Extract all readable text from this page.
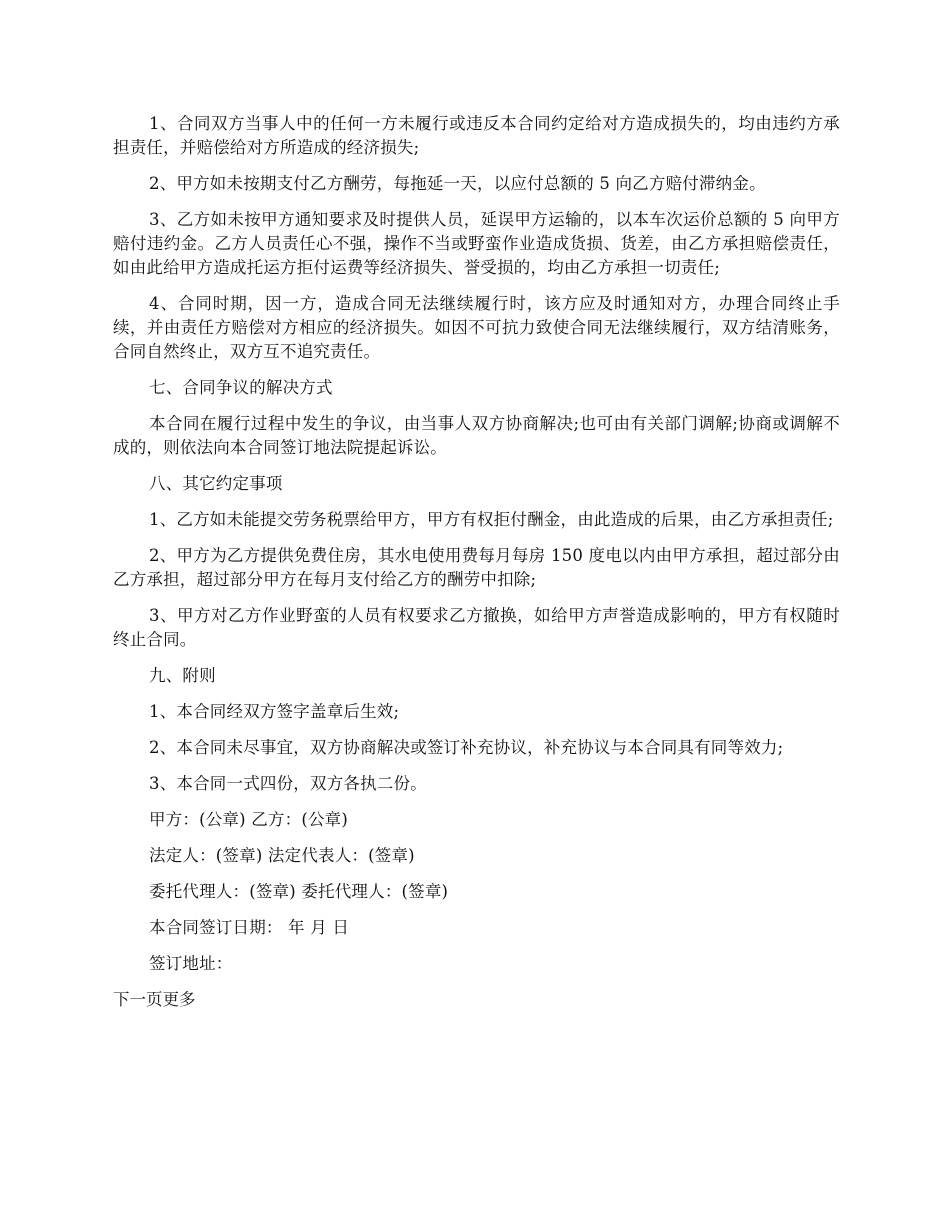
1、合同双方当事人中的任何一方未履行或违反本合同约定给对方造成损失的，均由违约方承担责任，并赔偿给对方所造成的经济损失;

2、甲方如未按期支付乙方酬劳，每拖延一天，以应付总额的 5 向乙方赔付滞纳金。

3、乙方如未按甲方通知要求及时提供人员，延误甲方运输的，以本车次运价总额的 5 向甲方赔付违约金。乙方人员责任心不强，操作不当或野蛮作业造成货损、货差，由乙方承担赔偿责任，如由此给甲方造成托运方拒付运费等经济损失、誉受损的，均由乙方承担一切责任;

4、合同时期，因一方，造成合同无法继续履行时，该方应及时通知对方，办理合同终止手续，并由责任方赔偿对方相应的经济损失。如因不可抗力致使合同无法继续履行，双方结清账务，合同自然终止，双方互不追究责任。

七、合同争议的解决方式

本合同在履行过程中发生的争议，由当事人双方协商解决;也可由有关部门调解;协商或调解不成的，则依法向本合同签订地法院提起诉讼。

八、其它约定事项

1、乙方如未能提交劳务税票给甲方，甲方有权拒付酬金，由此造成的后果，由乙方承担责任;

2、甲方为乙方提供免费住房，其水电使用费每月每房 150 度电以内由甲方承担，超过部分由乙方承担，超过部分甲方在每月支付给乙方的酬劳中扣除;

3、甲方对乙方作业野蛮的人员有权要求乙方撤换，如给甲方声誉造成影响的，甲方有权随时终止合同。

九、附则

1、本合同经双方签字盖章后生效;

2、本合同未尽事宜，双方协商解决或签订补充协议，补充协议与本合同具有同等效力;

3、本合同一式四份，双方各执二份。

甲方：(公章) 乙方：(公章)

法定人：(签章) 法定代表人：(签章)

委托代理人：(签章) 委托代理人：(签章)

本合同签订日期： 年 月 日

签订地址：

下一页更多
